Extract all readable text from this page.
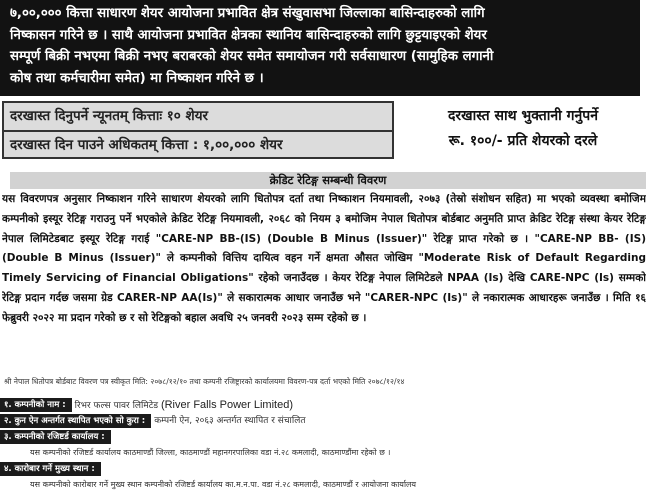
७,००,००० कित्ता साधारण शेयर आयोजना प्रभावित क्षेत्र संखुवासभा जिल्लाका बासिन्दाहरुको लागि
निष्कासन गरिने छ । साथै आयोजना प्रभावित क्षेत्रका स्थानिय बासिन्दाहरुको लागि छुट्टयाइएको शेयर
सम्पूर्ण बिक्री नभएमा बिक्री नभए बराबरको शेयर समेत समायोजन गरी सर्वसाधारण (सामुहिक लगानी
कोष तथा कर्मचारीमा समेत) मा निष्काशन गरिने छ ।
दरखास्त दिनुपर्ने न्यूनतम् कित्ताः १० शेयर
दरखास्त दिन पाउने अधिकतम् कित्ता : १,००,००० शेयर
दरखास्त साथ भुक्तानी गर्नुपर्ने
रू. १००/- प्रति शेयरको दरले
क्रेडिट रेटिङ्ग सम्बन्धी विवरण
यस विवरणपत्र अनुसार निष्काशन गरिने साधारण शेयरको लागि धितोपत्र दर्ता तथा निष्काशन नियमावली, २०७३ (तेस्रो संशोधन सहित) मा भएको व्यवस्था बमोजिम कम्पनीको इस्यूर रेटिङ्ग गराउनु पर्ने भएकोले क्रेडिट रेटिङ्ग नियमावली, २०६८ को नियम ३ बमोजिम नेपाल धितोपत्र बोर्डबाट अनुमति प्राप्त क्रेडिट रेटिङ्ग संस्था केयर रेटिङ्ग नेपाल लिमिटेडबाट इस्यूर रेटिङ्ग गराई "CARE-NP BB-(IS) (Double B Minus (Issuer)" रेटिङ्ग प्राप्त गरेको छ । "CARE-NP BB- (IS) (Double B Minus (Issuer)" ले कम्पनीको वित्तिय दायित्व वहन गर्ने क्षमता औसत जोखिम "Moderate Risk of Default Regarding Timely Servicing of Financial Obligations" रहेको जनाउँदछ । केयर रेटिङ्ग नेपाल लिमिटेडले NPAA (Is) देखि CARE-NPC (Is) सम्मको रेटिङ्ग प्रदान गर्दछ जसमा ग्रेड CARER-NP AA(Is)" ले सकारात्मक आधार जनाउँछ भने "CARER-NPC (Is)" ले नकारात्मक आधारहरू जनाउँछ । मिति १६ फेब्रुवरी २०२२ मा प्रदान गरेको छ र सो रेटिङ्गको बहाल अवधि २५ जनवरी २०२३ सम्म रहेको छ ।
श्री नेपाल धितोपत्र बोर्डबाट विवरण पत्र स्वीकृत मिति: २०७८/१२/१० तथा कम्पनी रजिष्ट्रारको कार्यालयमा विवरण-पत्र दर्ता भएको मिति २०७८/१२/१४
१. कम्पनीको नाम :	रिभर फल्स पावर लिमिटेड (River Falls Power Limited)
२. कुन ऐन अन्तर्गत स्थापित भएको सो कुरा :	कम्पनी ऐन, २०६३ अन्तर्गत स्थापित र संचालित
३. कम्पनीको रजिष्टर्ड कार्यालय :
यस कम्पनीको रजिष्टर्ड कार्यालय काठमाण्डौं जिल्ला, काठमाण्डौं महानगरपालिका वडा नं.२८ कमलादी, काठमाण्डौंमा रहेको छ ।
४. कारोबार गर्ने मुख्य स्थान :
यस कम्पनीको कारोबार गर्ने मुख्य स्थान कम्पनीको रजिष्टर्ड कार्यालय का.म.न.पा. वडा नं.२८ कमलादी, काठमाण्डौं र आयोजना कार्यालय
